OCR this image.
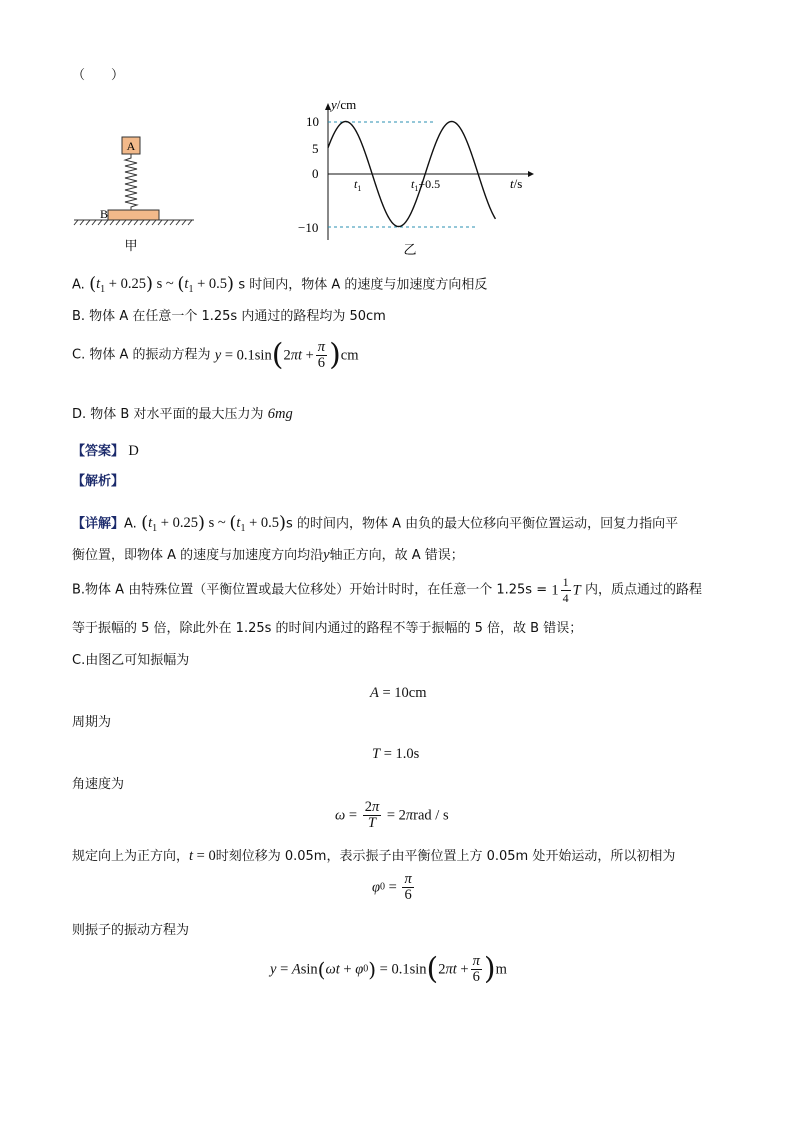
（　　）
A
B
甲
y/cm
t/s
10
5
0
−10
$t_1$	$t_1+0.5$
乙
A. $(t_1 + 0.25)$ s ~ $(t_1 + 0.5)$ s 时间内，物体 A 的速度与加速度方向相反
B. 物体 A 在任意一个 1.25s 内通过的路程均为 50cm
C. 物体 A 的振动方程为 $y = 0.1\sin(2\pi t + \frac{\pi}{6} )cm$
D. 物体 B 对水平面的最大压力为 6mg
【答案】 D
【解析】
【详解】A. $(t_1 + 0.25)$ s ~ $(t_1 + 0.5)s$ 的时间内，物体 A 由负的最大位移向平衡位置运动，回复力指向平
衡位置，即物体 A 的速度与加速度方向均沿y轴正方向，故 A 错误；
B.物体 A 由特殊位置（平衡位置或最大位移处）开始计时时，在任意一个 $1.25s = 1 \frac{1}{4}$ T 内，质点通过的路程
等于振幅的 5 倍，除此外在 1.25s 的时间内通过的路程不等于振幅的 5 倍，故 B 错误；
C.由图乙可知振幅为
A = 10cm
周期为
T = 1.0s
角速度为
$\omega = \frac{2\pi}{T} = 2\pi rad / s$
规定向上为正方向，t = 0时刻位移为 0.05m，表示振子由平衡位置上方 0.05m 处开始运动，所以初相为
$\varphi 0 = \frac{\pi}{6}$
则振子的振动方程为
$y = Asin(\omega t + \varphi 0) = 0.1\sin(2\pi t + \frac{\pi}{6} )m$
